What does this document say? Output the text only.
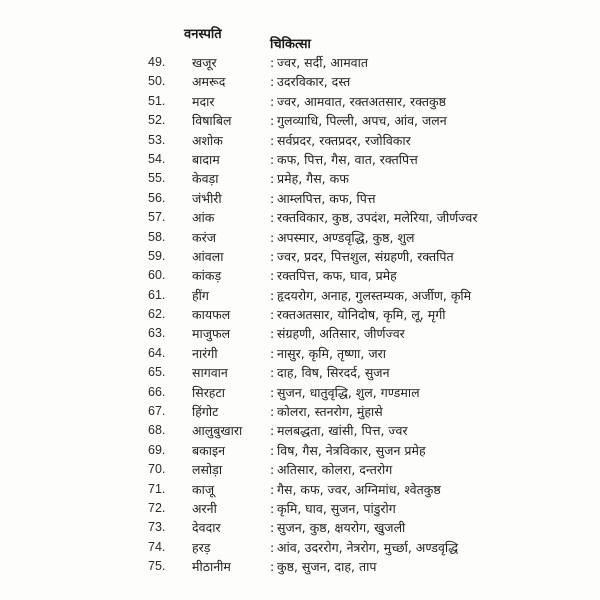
वनस्पति
चिकित्सा
49.	खजूर	: ज्वर, सर्दी, आमवात
50.	अमरूद	: उदरविकार, दस्त
51.	मदार	: ज्वर, आमवात, रक्तअतसार, रक्तकुष्ठ
52.	विषाबिल	: गुलव्याधि, पिल्ली, अपच, आंव, जलन
53.	अशोक	: सर्वप्रदर, रक्तप्रदर, रजोविकार
54.	बादाम	: कफ, पित्त, गैस, वात, रक्तपित्त
55.	केवड़ा	: प्रमेह, गैस, कफ
56.	जंभीरी	: आम्लपित्त, कफ, पित्त
57.	आंक	: रक्तविकार, कुष्ठ, उपदंश, मलेरिया, जीर्णज्वर
58.	करंज	: अपस्मार, अण्डवृद्धि, कुष्ठ, शुल
59.	आंवला	: ज्वर, प्रदर, पित्तशुल, संग्रहणी, रक्तपित
60.	कांकड़	: रक्तपित्त, कफ, घाव, प्रमेह
61.	हींग	: हृदयरोग, अनाह, गुलस्तम्यक, अर्जीण, कृमि
62.	कायफल	: रक्तअतसार, योनिदोष, कृमि, लू, मृगी
63.	माजुफल	: संग्रहणी, अतिसार, जीर्णज्वर
64.	नारंगी	: नासुर, कृमि, तृष्णा, जरा
65.	सागवान	: दाह, विष, सिरदर्द, सुजन
66.	सिरहटा	: सुजन, धातुवृद्धि, शुल, गण्डमाल
67.	हिंगोट	: कोलरा, स्तनरोग, मुंहासे
68.	आलुबुखारा	: मलबद्धता, खांसी, पित्त, ज्वर
69.	बकाइन	: विष, गैस, नेत्रविकार, सुजन प्रमेह
70.	लसोड़ा	: अतिसार, कोलरा, दन्तरोग
71.	काजू	: गैस, कफ, ज्वर, अग्निमांध, श्वेतकुष्ठ
72.	अरनी	: कृमि, घाव, सुजन, पांडुरोग
73.	देवदार	: सुजन, कुष्ठ, क्षयरोग, खुजली
74.	हरड़	: आंव, उदररोग, नेत्ररोग, मुर्च्छा, अण्डवृद्धि
75.	मीठानीम	: कुष्ठ, सुजन, दाह, ताप
